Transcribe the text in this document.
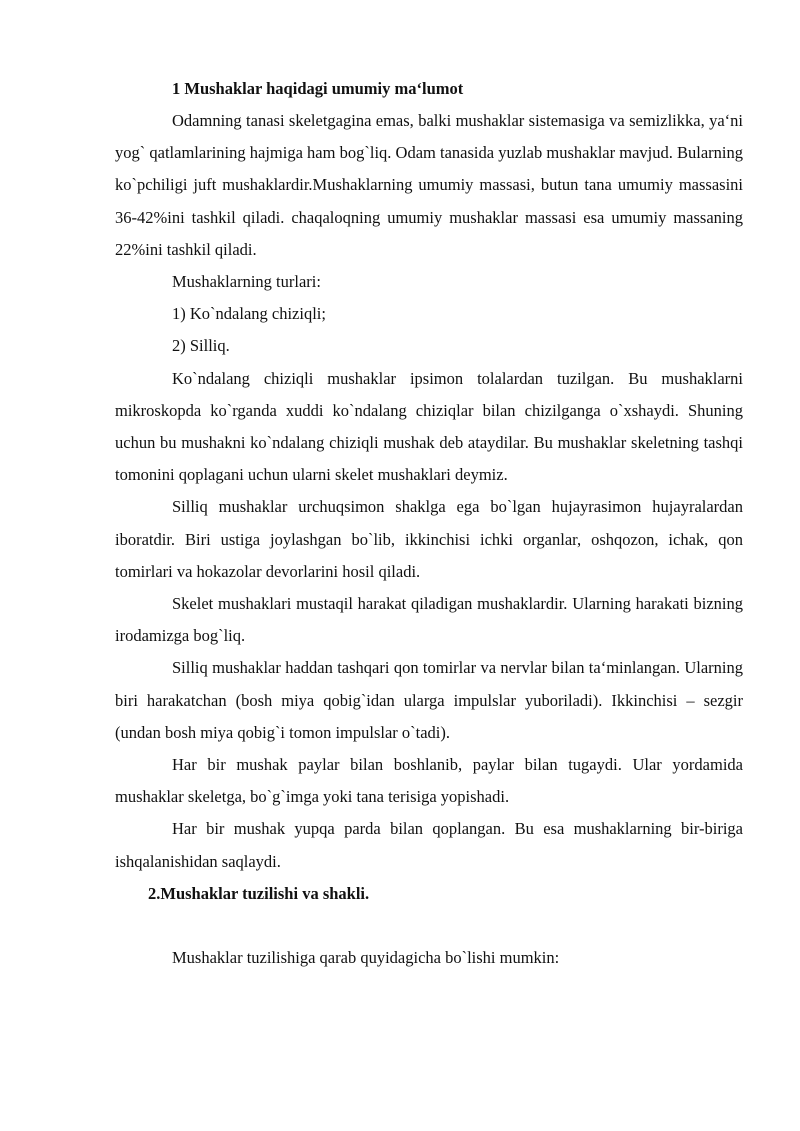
1 Mushaklar haqidagi umumiy ma‘lumot

Odamning tanasi skeletgagina emas, balki mushaklar sistemasiga va semizlikka, ya‘ni yog` qatlamlarining hajmiga ham bog`liq. Odam tanasida yuzlab mushaklar mavjud. Bularning ko`pchiligi juft mushaklardir.Mushaklarning umumiy massasi, butun tana umumiy massasini 36-42%ini tashkil qiladi. chaqaloqning umumiy mushaklar massasi esa umumiy massaning 22%ini tashkil qiladi.

Mushaklarning turlari:

1) Ko`ndalang chiziqli;

2) Silliq.

Ko`ndalang chiziqli mushaklar ipsimon tolalardan tuzilgan. Bu mushaklarni mikroskopda ko`rganda xuddi ko`ndalang chiziqlar bilan chizilganga o`xshaydi. Shuning uchun bu mushakni ko`ndalang chiziqli mushak deb ataydilar. Bu mushaklar skeletning tashqi tomonini qoplagani uchun ularni skelet mushaklari deymiz.

Silliq mushaklar urchuqsimon shaklga ega bo`lgan hujayrasimon hujayralardan iboratdir. Biri ustiga joylashgan bo`lib, ikkinchisi ichki organlar, oshqozon, ichak, qon tomirlari va hokazolar devorlarini hosil qiladi.

Skelet mushaklari mustaqil harakat qiladigan mushaklardir. Ularning harakati bizning irodamizga bog`liq.

Silliq mushaklar haddan tashqari qon tomirlar va nervlar bilan ta‘minlangan. Ularning biri harakatchan (bosh miya qobig`idan ularga impulslar yuboriladi). Ikkinchisi – sezgir (undan bosh miya qobig`i tomon impulslar o`tadi).

Har bir mushak paylar bilan boshlanib, paylar bilan tugaydi. Ular yordamida mushaklar skeletga, bo`g`imga yoki tana terisiga yopishadi.

Har bir mushak yupqa parda bilan qoplangan. Bu esa mushaklarning bir-biriga ishqalanishidan saqlaydi.

2.Mushaklar tuzilishi va shakli.

Mushaklar tuzilishiga qarab quyidagicha bo`lishi mumkin:
